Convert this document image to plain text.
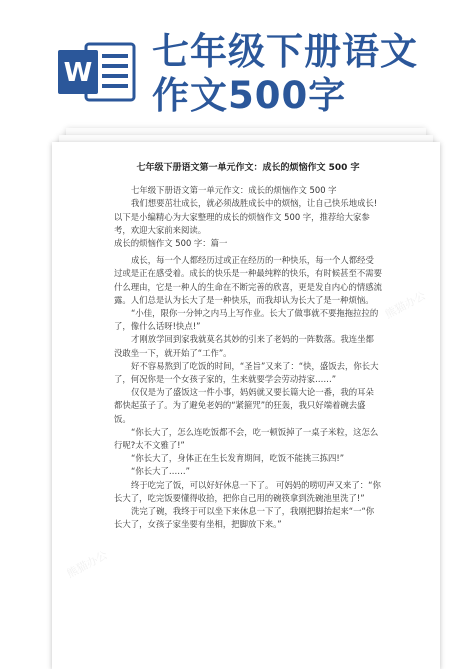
W 七年级下册语文作文500字
熊猫办公
熊猫办公
七年级下册语文第一单元作文：成长的烦恼作文 500 字

七年级下册语文第一单元作文：成长的烦恼作文 500 字

我们想要茁壮成长，就必须战胜成长中的烦恼，让自己快乐地成长!以下是小编精心为大家整理的成长的烦恼作文 500 字，推荐给大家参考，欢迎大家前来阅读。

成长的烦恼作文 500 字：篇一

成长，每一个人都经历过或正在经历的一种快乐，每一个人都经受过或是正在感受着。成长的快乐是一种最纯粹的快乐，有时候甚至不需要什么理由，它是一种人的生命在不断完善的欣喜，更是发自内心的情感流露。人们总是认为长大了是一种快乐，而我却认为长大了是一种烦恼。

“小佳，限你一分钟之内马上写作业。长大了做事就不要拖拖拉拉的了，像什么话呀!快点!”

才刚放学回到家我就莫名其妙的引来了老妈的一阵数落。我连坐都没敢坐一下，就开始了“工作”。

好不容易熬到了吃饭的时间，“圣旨”又来了：“快，盛饭去，你长大了，何况你是一个女孩子家的，生来就要学会劳动持家……”

仅仅是为了盛饭这一件小事，妈妈就又要长篇大论一番，我的耳朵都快起茧子了。为了避免老妈的“紧箍咒”的狂轰，我只好端着碗去盛饭。

“你长大了，怎么连吃饭都不会，吃一顿饭掉了一桌子米粒，这怎么行呢?太不文雅了!”

“你长大了，身体正在生长发育期间，吃饭不能挑三拣四!”

“你长大了……”

终于吃完了饭，可以好好休息一下了。 可妈妈的唠叨声又来了：“你长大了，吃完饭要懂得收拾，把你自己用的碗筷拿到洗碗池里洗了!”

洗完了碗，我终于可以坐下来休息一下了，我刚把脚抬起来“一“你长大了，女孩子家坐要有坐相，把脚放下来。”
